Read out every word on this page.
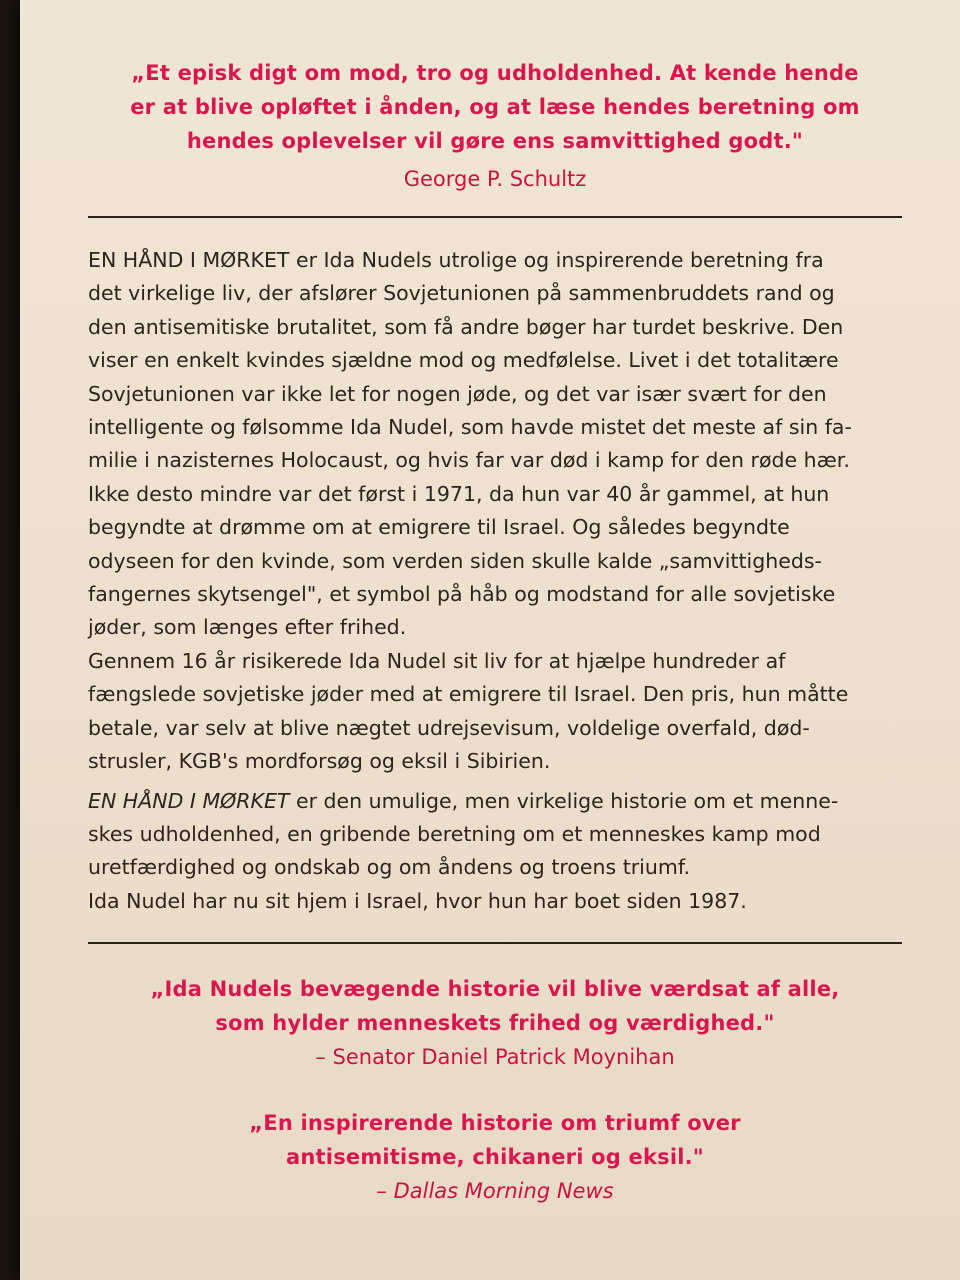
„Et episk digt om mod, tro og udholdenhed. At kende hende

er at blive opløftet i ånden, og at læse hendes beretning om

hendes oplevelser vil gøre ens samvittighed godt."

George P. Schultz

EN HÅND I MØRKET er Ida Nudels utrolige og inspirerende beretning fra

det virkelige liv, der afslører Sovjetunionen på sammenbruddets rand og

den antisemitiske brutalitet, som få andre bøger har turdet beskrive. Den

viser en enkelt kvindes sjældne mod og medfølelse. Livet i det totalitære

Sovjetunionen var ikke let for nogen jøde, og det var især svært for den

intelligente og følsomme Ida Nudel, som havde mistet det meste af sin fa-

milie i nazisternes Holocaust, og hvis far var død i kamp for den røde hær.

Ikke desto mindre var det først i 1971, da hun var 40 år gammel, at hun

begyndte at drømme om at emigrere til Israel. Og således begyndte

odyseen for den kvinde, som verden siden skulle kalde „samvittigheds-

fangernes skytsengel", et symbol på håb og modstand for alle sovjetiske

jøder, som længes efter frihed.

Gennem 16 år risikerede Ida Nudel sit liv for at hjælpe hundreder af

fængslede sovjetiske jøder med at emigrere til Israel. Den pris, hun måtte

betale, var selv at blive nægtet udrejsevisum, voldelige overfald, død-

strusler, KGB's mordforsøg og eksil i Sibirien.

EN HÅND I MØRKET er den umulige, men virkelige historie om et menne-

skes udholdenhed, en gribende beretning om et menneskes kamp mod

uretfærdighed og ondskab og om åndens og troens triumf.

Ida Nudel har nu sit hjem i Israel, hvor hun har boet siden 1987.

„Ida Nudels bevægende historie vil blive værdsat af alle,

som hylder menneskets frihed og værdighed."

– Senator Daniel Patrick Moynihan

„En inspirerende historie om triumf over

antisemitisme, chikaneri og eksil."

– Dallas Morning News
